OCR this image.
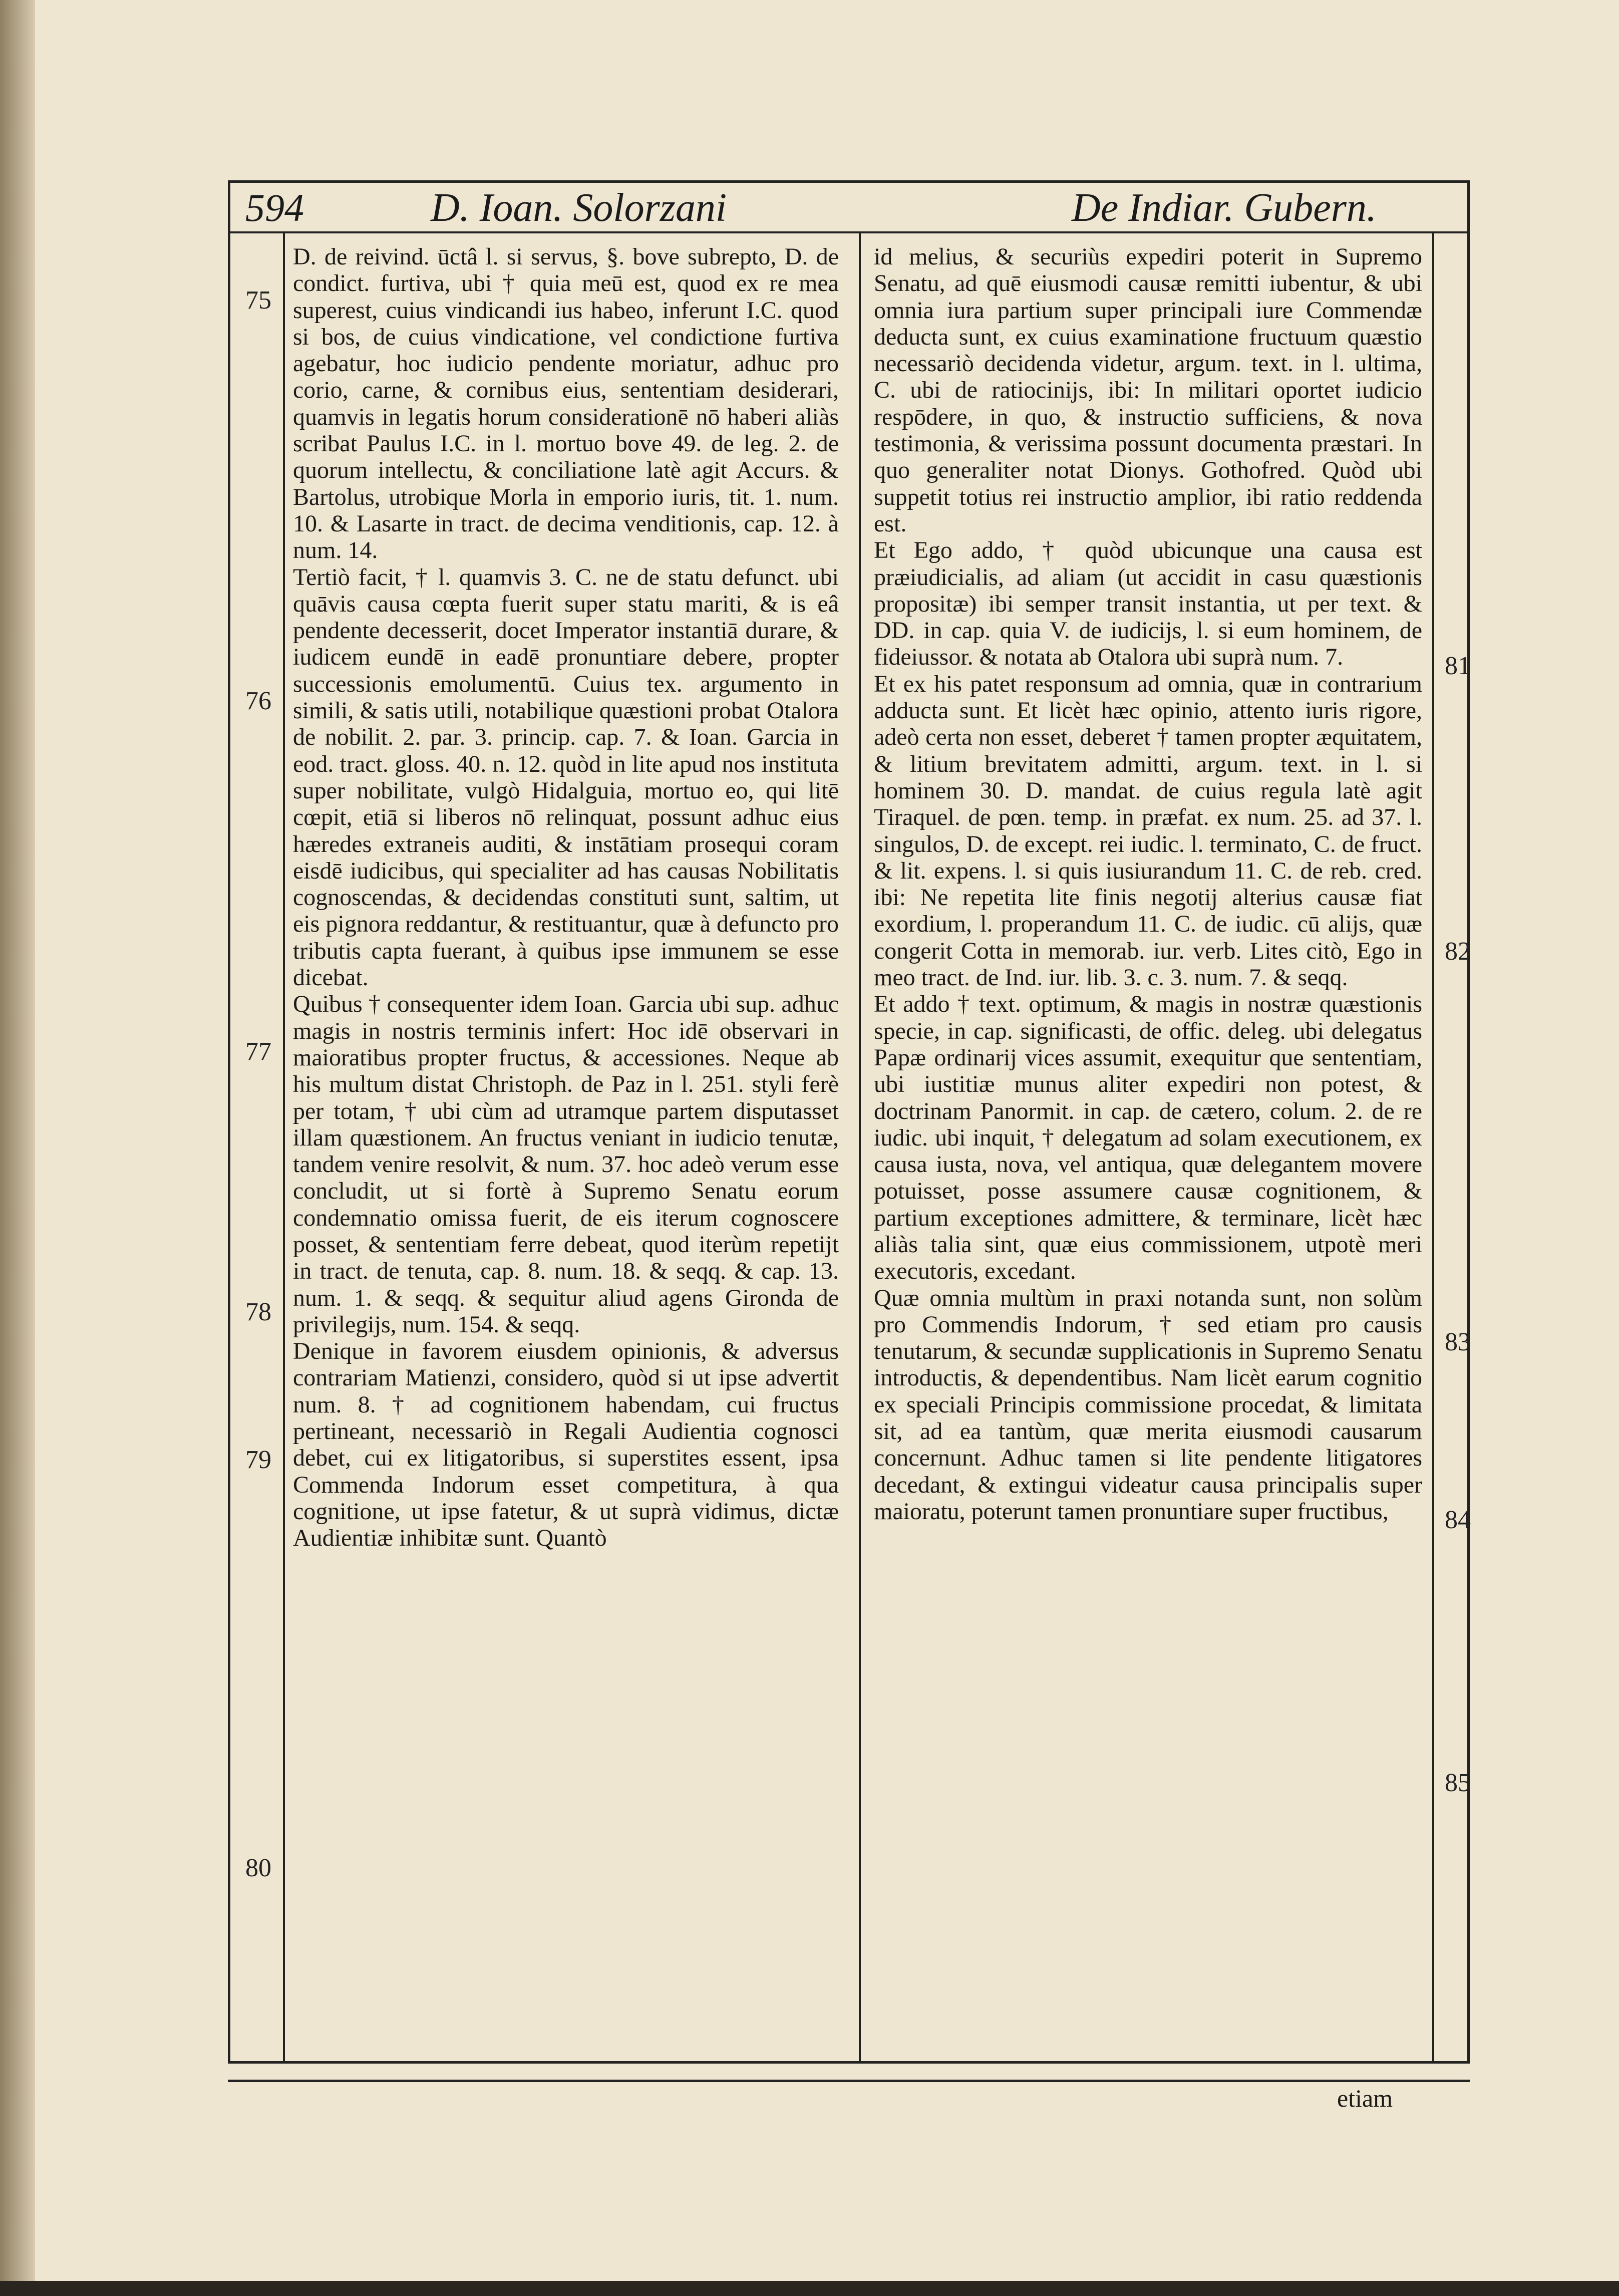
594	D. Ioan. Solorzani	De Indiar. Gubern.
75
76
77
78
79
80
81
82
83
84
85

D. de reivind. ūctâ l. si servus, §. bove subrepto, D. de condict. furtiva, ubi † quia meū est, quod ex re mea superest, cuius vindicandi ius habeo, inferunt I.C. quod si bos, de cuius vindicatione, vel condictione furtiva agebatur, hoc iudicio pendente moriatur, adhuc pro corio, carne, & cornibus eius, sententiam desiderari, quamvis in legatis horum considerationē nō haberi aliàs scribat Paulus I.C. in l. mortuo bove 49. de leg. 2. de quorum intellectu, & conciliatione latè agit Accurs. & Bartolus, utrobique Morla in emporio iuris, tit. 1. num. 10. & Lasarte in tract. de decima venditionis, cap. 12. à num. 14.

Tertiò facit, † l. quamvis 3. C. ne de statu defunct. ubi quāvis causa cœpta fuerit super statu mariti, & is eâ pendente decesserit, docet Imperator instantiā durare, & iudicem eundē in eadē pronuntiare debere, propter successionis emolumentū. Cuius tex. argumento in simili, & satis utili, notabilique quæstioni probat Otalora de nobilit. 2. par. 3. princip. cap. 7. & Ioan. Garcia in eod. tract. gloss. 40. n. 12. quòd in lite apud nos instituta super nobilitate, vulgò Hidalguia, mortuo eo, qui litē cœpit, etiā si liberos nō relinquat, possunt adhuc eius hæredes extraneis auditi, & instātiam prosequi coram eisdē iudicibus, qui specialiter ad has causas Nobilitatis cognoscendas, & decidendas constituti sunt, saltim, ut eis pignora reddantur, & restituantur, quæ à defuncto pro tributis capta fuerant, à quibus ipse immunem se esse dicebat.

Quibus † consequenter idem Ioan. Garcia ubi sup. adhuc magis in nostris terminis infert: Hoc idē observari in maioratibus propter fructus, & accessiones. Neque ab his multum distat Christoph. de Paz in l. 251. styli ferè per totam, † ubi cùm ad utramque partem disputasset illam quæstionem. An fructus veniant in iudicio tenutæ, tandem venire resolvit, & num. 37. hoc adeò verum esse concludit, ut si fortè à Supremo Senatu eorum condemnatio omissa fuerit, de eis iterum cognoscere posset, & sententiam ferre debeat, quod iterùm repetijt in tract. de tenuta, cap. 8. num. 18. & seqq. & cap. 13. num. 1. & seqq. & sequitur aliud agens Gironda de privilegijs, num. 154. & seqq.

Denique in favorem eiusdem opinionis, & adversus contrariam Matienzi, considero, quòd si ut ipse advertit num. 8. † ad cognitionem habendam, cui fructus pertineant, necessariò in Regali Audientia cognosci debet, cui ex litigatoribus, si superstites essent, ipsa Commenda Indorum esset competitura, à qua cognitione, ut ipse fatetur, & ut suprà vidimus, dictæ Audientiæ inhibitæ sunt. Quantò

id melius, & securiùs expediri poterit in Supremo Senatu, ad quē eiusmodi causæ remitti iubentur, & ubi omnia iura partium super principali iure Commendæ deducta sunt, ex cuius examinatione fructuum quæstio necessariò decidenda videtur, argum. text. in l. ultima, C. ubi de ratiocinijs, ibi: In militari oportet iudicio respōdere, in quo, & instructio sufficiens, & nova testimonia, & verissima possunt documenta præstari. In quo generaliter notat Dionys. Gothofred. Quòd ubi suppetit totius rei instructio amplior, ibi ratio reddenda est.

Et Ego addo, † quòd ubicunque una causa est præiudicialis, ad aliam (ut accidit in casu quæstionis propositæ) ibi semper transit instantia, ut per text. & DD. in cap. quia V. de iudicijs, l. si eum hominem, de fideiussor. & notata ab Otalora ubi suprà num. 7.

Et ex his patet responsum ad omnia, quæ in contrarium adducta sunt. Et licèt hæc opinio, attento iuris rigore, adeò certa non esset, deberet † tamen propter æquitatem, & litium brevitatem admitti, argum. text. in l. si hominem 30. D. mandat. de cuius regula latè agit Tiraquel. de pœn. temp. in præfat. ex num. 25. ad 37. l. singulos, D. de except. rei iudic. l. terminato, C. de fruct. & lit. expens. l. si quis iusiurandum 11. C. de reb. cred. ibi: Ne repetita lite finis negotij alterius causæ fiat exordium, l. properandum 11. C. de iudic. cū alijs, quæ congerit Cotta in memorab. iur. verb. Lites citò, Ego in meo tract. de Ind. iur. lib. 3. c. 3. num. 7. & seqq.

Et addo † text. optimum, & magis in nostræ quæstionis specie, in cap. significasti, de offic. deleg. ubi delegatus Papæ ordinarij vices assumit, exequitur que sententiam, ubi iustitiæ munus aliter expediri non potest, & doctrinam Panormit. in cap. de cætero, colum. 2. de re iudic. ubi inquit, † delegatum ad solam executionem, ex causa iusta, nova, vel antiqua, quæ delegantem movere potuisset, posse assumere causæ cognitionem, & partium exceptiones admittere, & terminare, licèt hæc aliàs talia sint, quæ eius commissionem, utpotè meri executoris, excedant.

Quæ omnia multùm in praxi notanda sunt, non solùm pro Commendis Indorum, † sed etiam pro causis tenutarum, & secundæ supplicationis in Supremo Senatu introductis, & dependentibus. Nam licèt earum cognitio ex speciali Principis commissione procedat, & limitata sit, ad ea tantùm, quæ merita eiusmodi causarum concernunt. Adhuc tamen si lite pendente litigatores decedant, & extingui videatur causa principalis super maioratu, poterunt tamen pronuntiare super fructibus,

etiam
